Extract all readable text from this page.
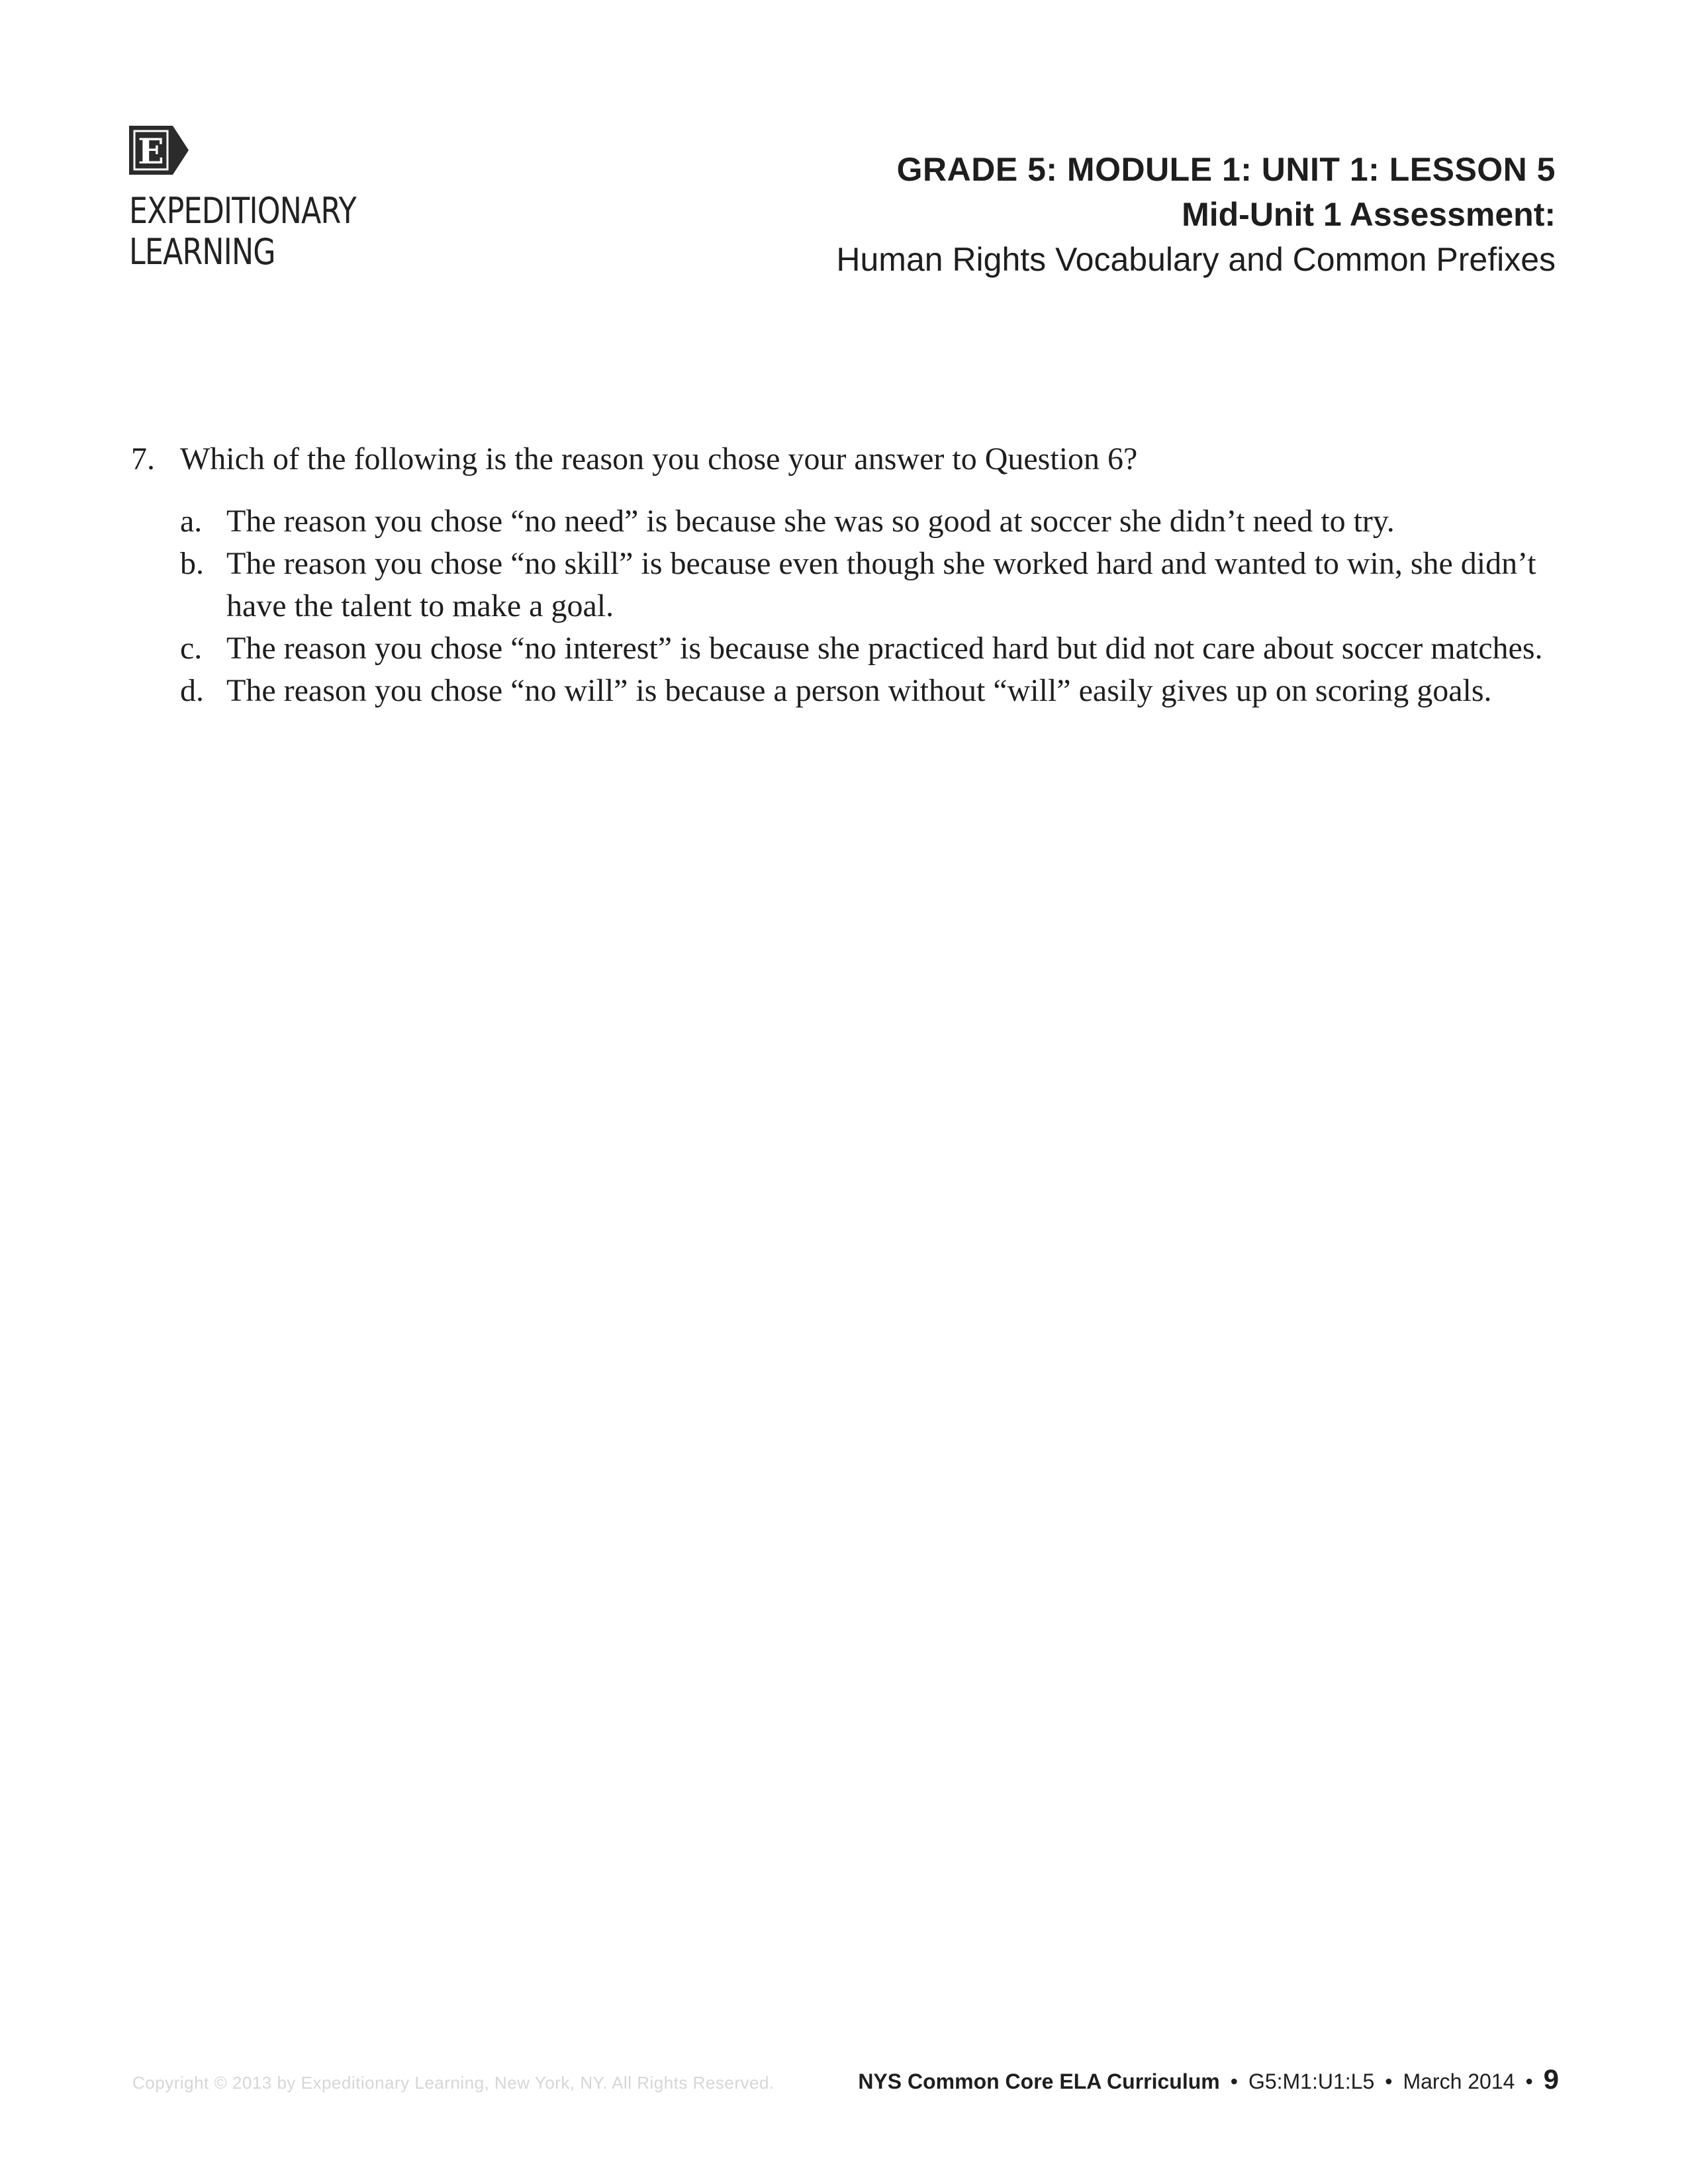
E
EXPEDITIONARY
LEARNING
GRADE 5: MODULE 1: UNIT 1: LESSON 5
Mid-Unit 1 Assessment:
Human Rights Vocabulary and Common Prefixes
7. Which of the following is the reason you chose your answer to Question 6?
a. The reason you chose “no need” is because she was so good at soccer she didn’t need to try.
b. The reason you chose “no skill” is because even though she worked hard and wanted to win, she didn’t have the talent to make a goal.
c. The reason you chose “no interest” is because she practiced hard but did not care about soccer matches.
d. The reason you chose “no will” is because a person without “will” easily gives up on scoring goals.
Copyright © 2013 by Expeditionary Learning, New York, NY. All Rights Reserved.	NYS Common Core ELA Curriculum • G5:M1:U1:L5 • March 2014 • 9
